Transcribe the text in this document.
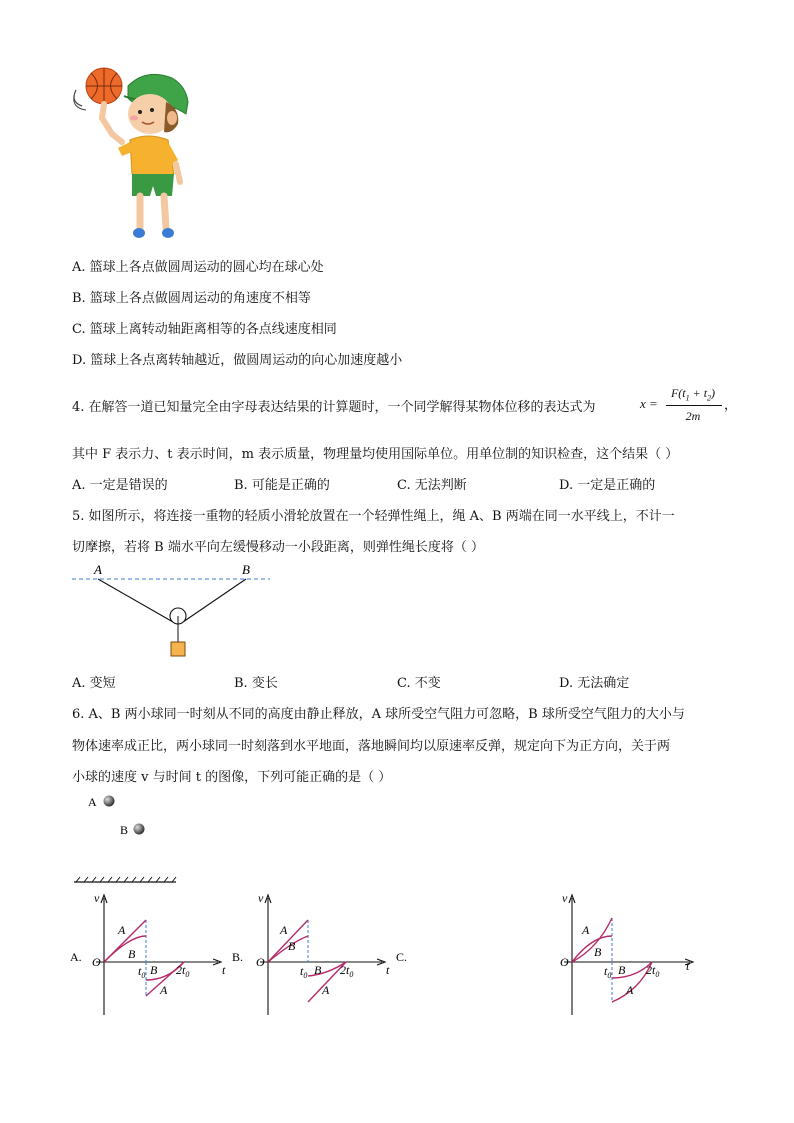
A. 篮球上各点做圆周运动的圆心均在球心处
B. 篮球上各点做圆周运动的角速度不相等
C. 篮球上离转动轴距离相等的各点线速度相同
D. 篮球上各点离转轴越近，做圆周运动的向心加速度越小
4. 在解答一道已知量完全由字母表达结果的计算题时，一个同学解得某物体位移的表达式为	x =
$F(t_1 + t_2)$
2m
，
其中 F 表示力、t 表示时间，m 表示质量，物理量均使用国际单位。用单位制的知识检查，这个结果（ ）
A. 一定是错误的	B. 可能是正确的	C. 无法判断	D. 一定是正确的
5. 如图所示，将连接一重物的轻质小滑轮放置在一个轻弹性绳上，绳 A、B 两端在同一水平线上，不计一
切摩擦，若将 B 端水平向左缓慢移动一小段距离，则弹性绳长度将（ ）
A	B
A. 变短	B. 变长	C. 不变	D. 无法确定
6. A、B 两小球同一时刻从不同的高度由静止释放，A 球所受空气阻力可忽略，B 球所受空气阻力的大小与
物体速率成正比，两小球同一时刻落到水平地面，落地瞬间均以原速率反弹，规定向下为正方向，关于两
小球的速度 v 与时间 t 的图像，下列可能正确的是（ ）
A
B
A.
v
t
O
A
B
$t_0$ B $2t_0$
A
B.
v
t
O
A
B
$t_0$ B $2t_0$
A
C.
v
t
O
A
B
$t_0$ B $2t_0$
A
